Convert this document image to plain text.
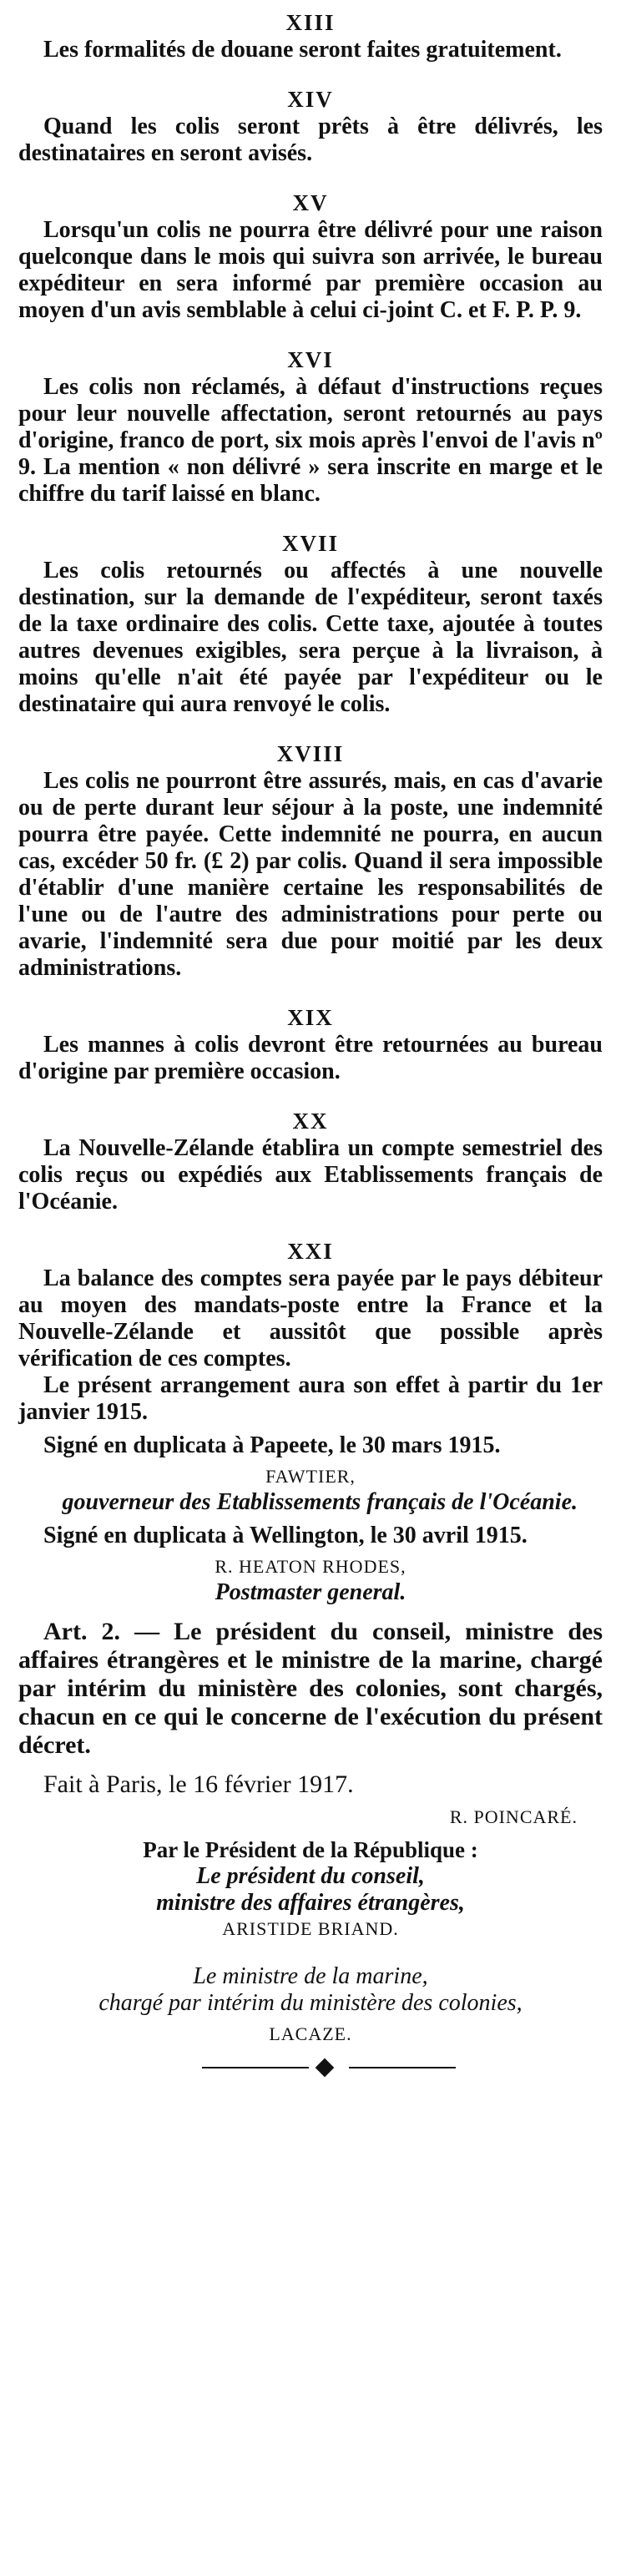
XIII

Les formalités de douane seront faites gratuitement.

XIV

Quand les colis seront prêts à être délivrés, les destinataires en seront avisés.

XV

Lorsqu'un colis ne pourra être délivré pour une raison quelconque dans le mois qui suivra son arrivée, le bureau expéditeur en sera informé par première occasion au moyen d'un avis semblable à celui ci-joint C. et F. P. P. 9.

XVI

Les colis non réclamés, à défaut d'instructions reçues pour leur nouvelle affectation, seront retournés au pays d'origine, franco de port, six mois après l'envoi de l'avis nº 9. La mention « non délivré » sera inscrite en marge et le chiffre du tarif laissé en blanc.

XVII

Les colis retournés ou affectés à une nouvelle destination, sur la demande de l'expéditeur, seront taxés de la taxe ordinaire des colis. Cette taxe, ajoutée à toutes autres devenues exigibles, sera perçue à la livraison, à moins qu'elle n'ait été payée par l'expéditeur ou le destinataire qui aura renvoyé le colis.

XVIII

Les colis ne pourront être assurés, mais, en cas d'avarie ou de perte durant leur séjour à la poste, une indemnité pourra être payée. Cette indemnité ne pourra, en aucun cas, excéder 50 fr. (£ 2) par colis. Quand il sera impossible d'établir d'une manière certaine les responsabilités de l'une ou de l'autre des administrations pour perte ou avarie, l'indemnité sera due pour moitié par les deux administrations.

XIX

Les mannes à colis devront être retournées au bureau d'origine par première occasion.

XX

La Nouvelle-Zélande établira un compte semestriel des colis reçus ou expédiés aux Etablissements français de l'Océanie.

XXI

La balance des comptes sera payée par le pays débiteur au moyen des mandats-poste entre la France et la Nouvelle-Zélande et aussitôt que possible après vérification de ces comptes.

Le présent arrangement aura son effet à partir du 1er janvier 1915.

Signé en duplicata à Papeete, le 30 mars 1915.

FAWTIER,

gouverneur des Etablissements français de l'Océanie.

Signé en duplicata à Wellington, le 30 avril 1915.

R. HEATON RHODES,

Postmaster general.

Art. 2. — Le président du conseil, ministre des affaires étrangères et le ministre de la marine, chargé par intérim du ministère des colonies, sont chargés, chacun en ce qui le concerne de l'exécution du présent décret.

Fait à Paris, le 16 février 1917.

R. POINCARÉ.

Par le Président de la République :

Le président du conseil,

ministre des affaires étrangères,

ARISTIDE BRIAND.

Le ministre de la marine,

chargé par intérim du ministère des colonies,

LACAZE.
